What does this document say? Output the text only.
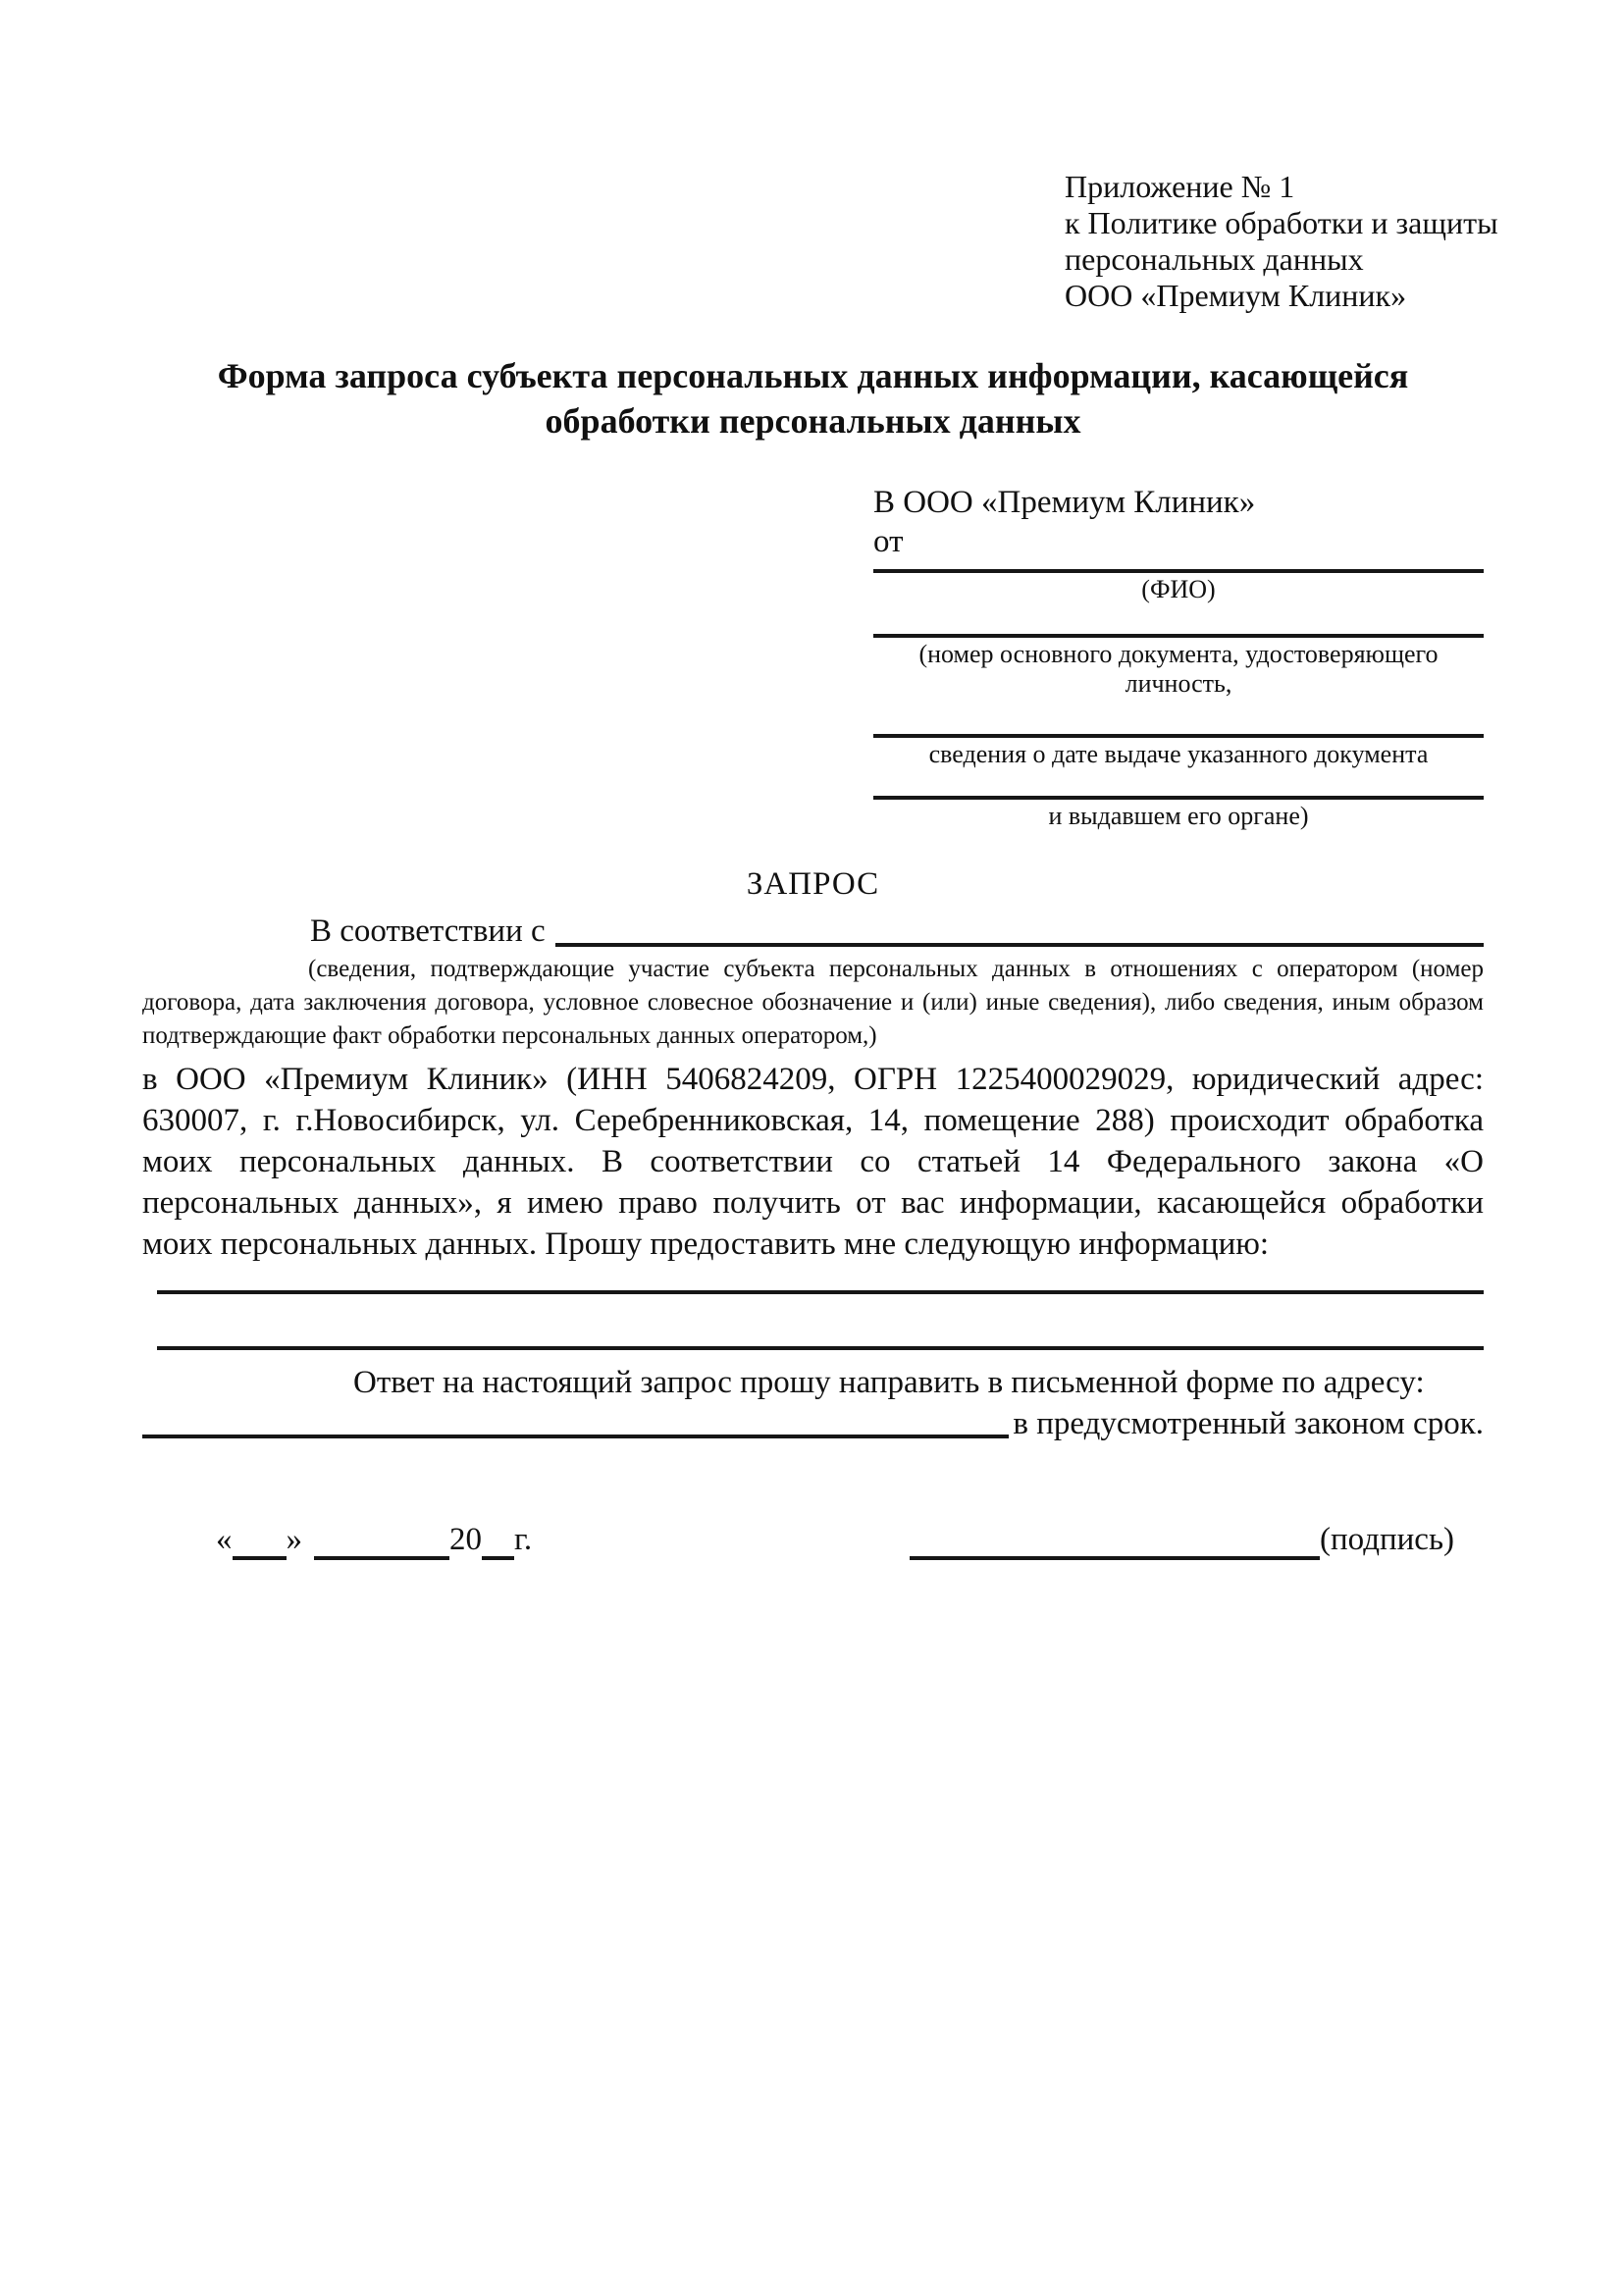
Приложение № 1
к Политике обработки и защиты
персональных данных
ООО «Премиум Клиник»
Форма запроса субъекта персональных данных информации, касающейся обработки персональных данных
В ООО «Премиум Клиник»
от
(ФИО)
(номер основного документа, удостоверяющего личность,
сведения о дате выдаче указанного документа
и выдавшем его органе)
ЗАПРОС
В соответствии с
(сведения, подтверждающие участие субъекта персональных данных в отношениях с оператором (номер договора, дата заключения договора, условное словесное обозначение и (или) иные сведения), либо сведения, иным образом подтверждающие факт обработки персональных данных оператором,)
в ООО «Премиум Клиник» (ИНН 5406824209, ОГРН 1225400029029, юридический адрес: 630007, г. г.Новосибирск, ул. Серебренниковская, 14, помещение 288) происходит обработка моих персональных данных. В соответствии со статьей 14 Федерального закона «О персональных данных», я имею право получить от вас информации, касающейся обработки моих персональных данных. Прошу предоставить мне следующую информацию:
Ответ на настоящий запрос прошу направить в письменной форме по адресу:
в предусмотренный законом срок.
« »	20 г.	(подпись)
